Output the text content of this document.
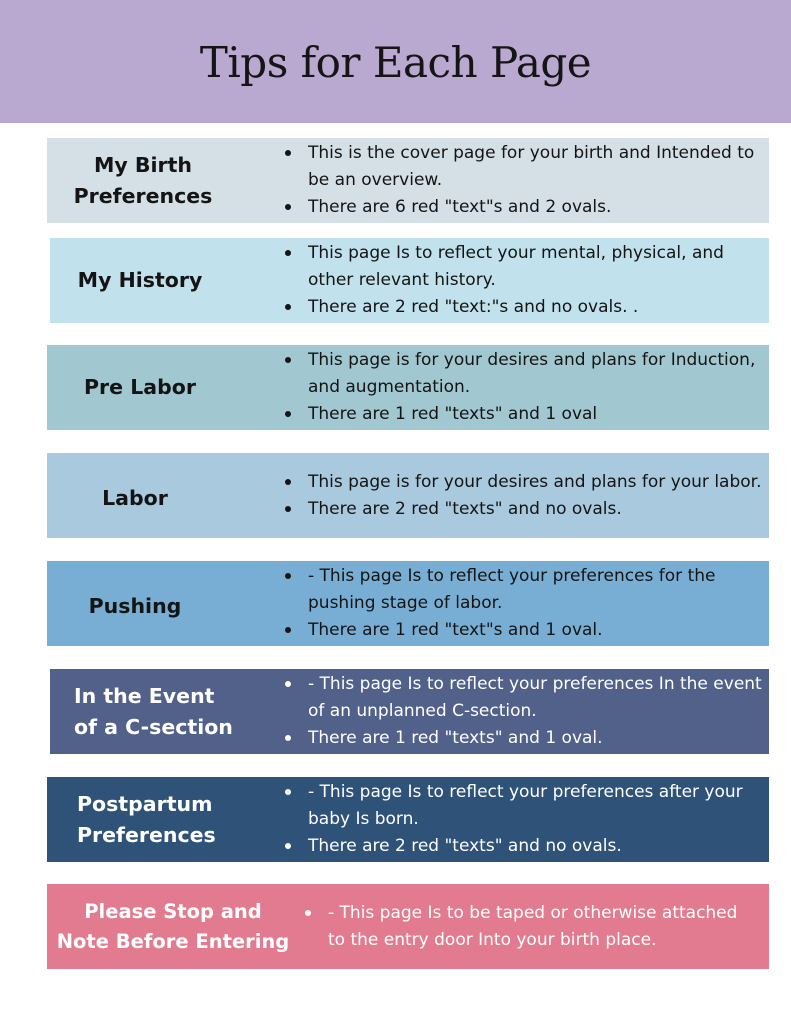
Tips for Each Page
My Birth
Preferences
This is the cover page for your birth and Intended to be an overview.
There are 6 red "text"s and 2 ovals.
My History
This page Is to reflect your mental, physical, and other relevant history.
There are 2 red "text:"s and no ovals. .
Pre Labor
This page is for your desires and plans for Induction, and augmentation.
There are 1 red "texts" and 1 oval
Labor
This page is for your desires and plans for your labor.
There are 2 red "texts" and no ovals.
Pushing
- This page Is to reflect your preferences for the pushing stage of labor.
There are 1 red "text"s and 1 oval.
In the Event
of a C-section
- This page Is to reflect your preferences In the event of an unplanned C-section.
There are 1 red "texts" and 1 oval.
Postpartum
Preferences
- This page Is to reflect your preferences after your baby Is born.
There are 2 red "texts" and no ovals.
Please Stop and
Note Before Entering
- This page Is to be taped or otherwise attached to the entry door Into your birth place.
